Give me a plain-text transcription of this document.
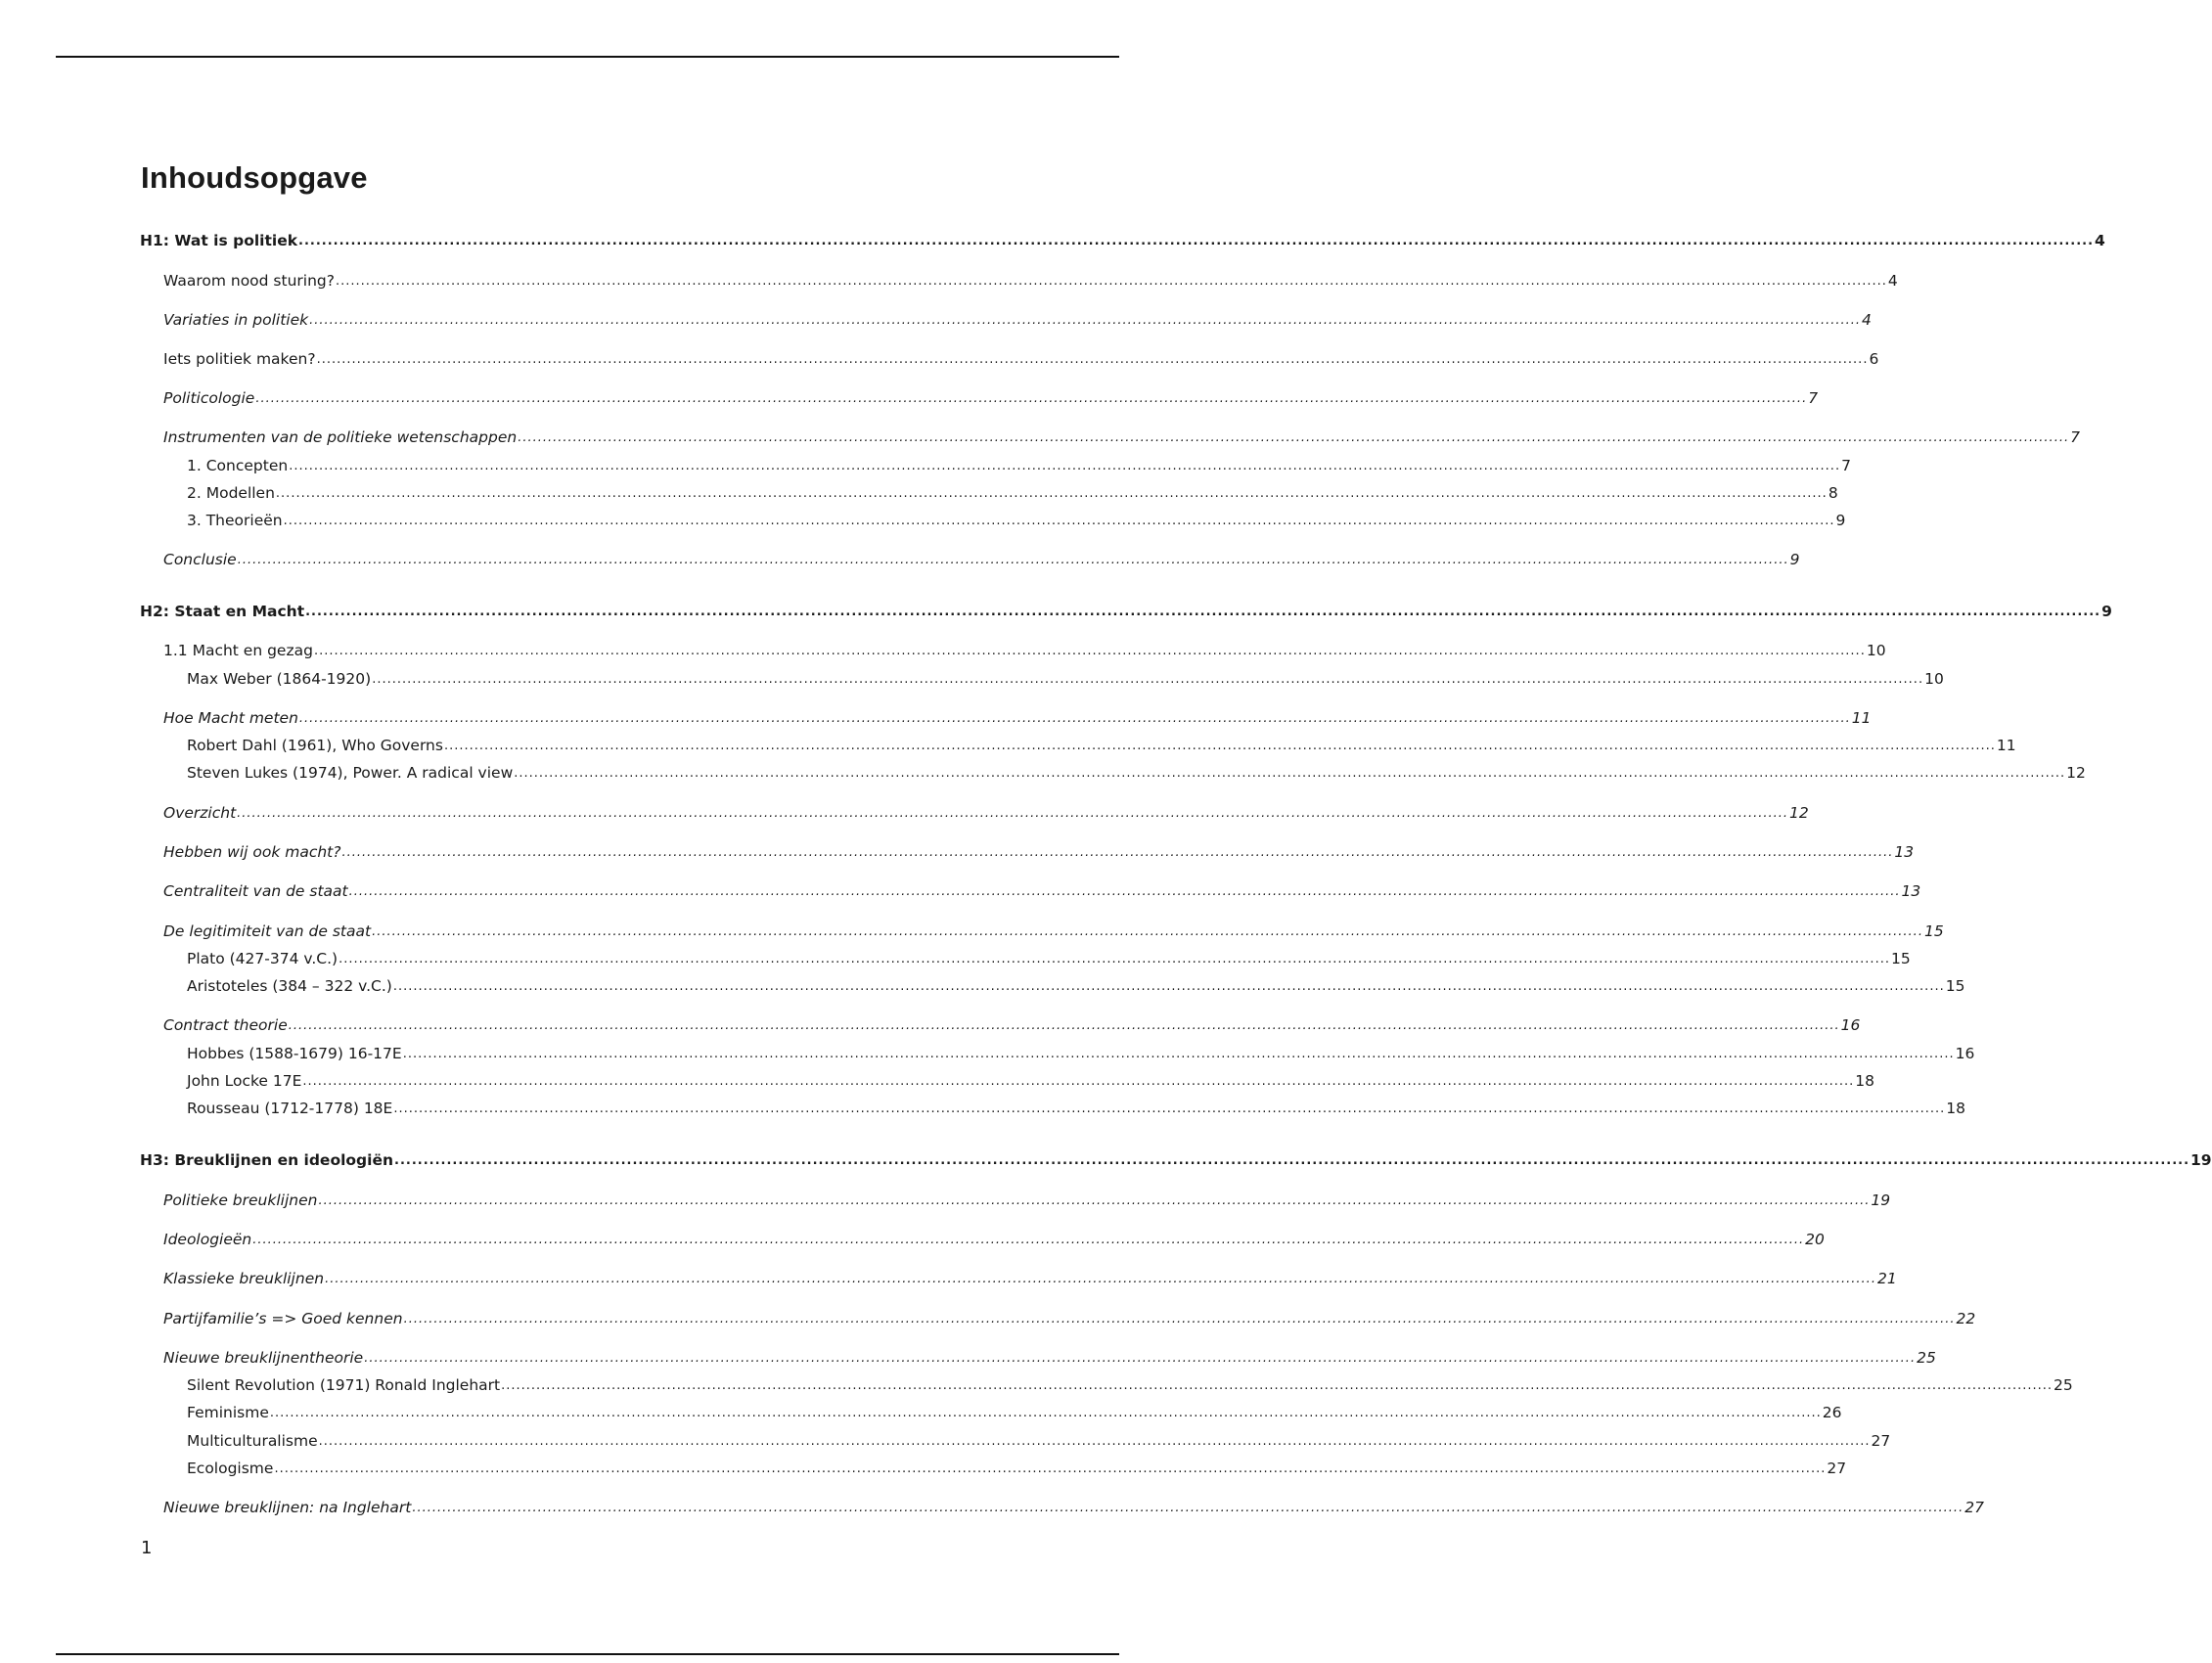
Inhoudsopgave
H1: Wat is politiek .....	4
Waarom nood sturing? .....	4
Variaties in politiek .....	4
Iets politiek maken? .....	6
Politicologie .....	7
Instrumenten van de politieke wetenschappen .....	7
1. Concepten .....	7
2. Modellen .....	8
3. Theorieën .....	9
Conclusie .....	9
H2: Staat en Macht .....	9
1.1 Macht en gezag .....	10
Max Weber (1864-1920) .....	10
Hoe Macht meten .....	11
Robert Dahl (1961), Who Governs .....	11
Steven Lukes (1974), Power. A radical view .....	12
Overzicht .....	12
Hebben wij ook macht? .....	13
Centraliteit van de staat .....	13
De legitimiteit van de staat .....	15
Plato (427-374 v.C.) .....	15
Aristoteles (384 – 322 v.C.) .....	15
Contract theorie .....	16
Hobbes (1588-1679) 16-17E .....	16
John Locke 17E .....	18
Rousseau (1712-1778) 18E .....	18
H3: Breuklijnen en ideologiën .....	19
Politieke breuklijnen .....	19
Ideologieën .....	20
Klassieke breuklijnen .....	21
Partijfamilie’s => Goed kennen .....	22
Nieuwe breuklijnentheorie .....	25
Silent Revolution (1971) Ronald Inglehart .....	25
Feminisme .....	26
Multiculturalisme .....	27
Ecologisme .....	27
Nieuwe breuklijnen: na Inglehart .....	27
1
